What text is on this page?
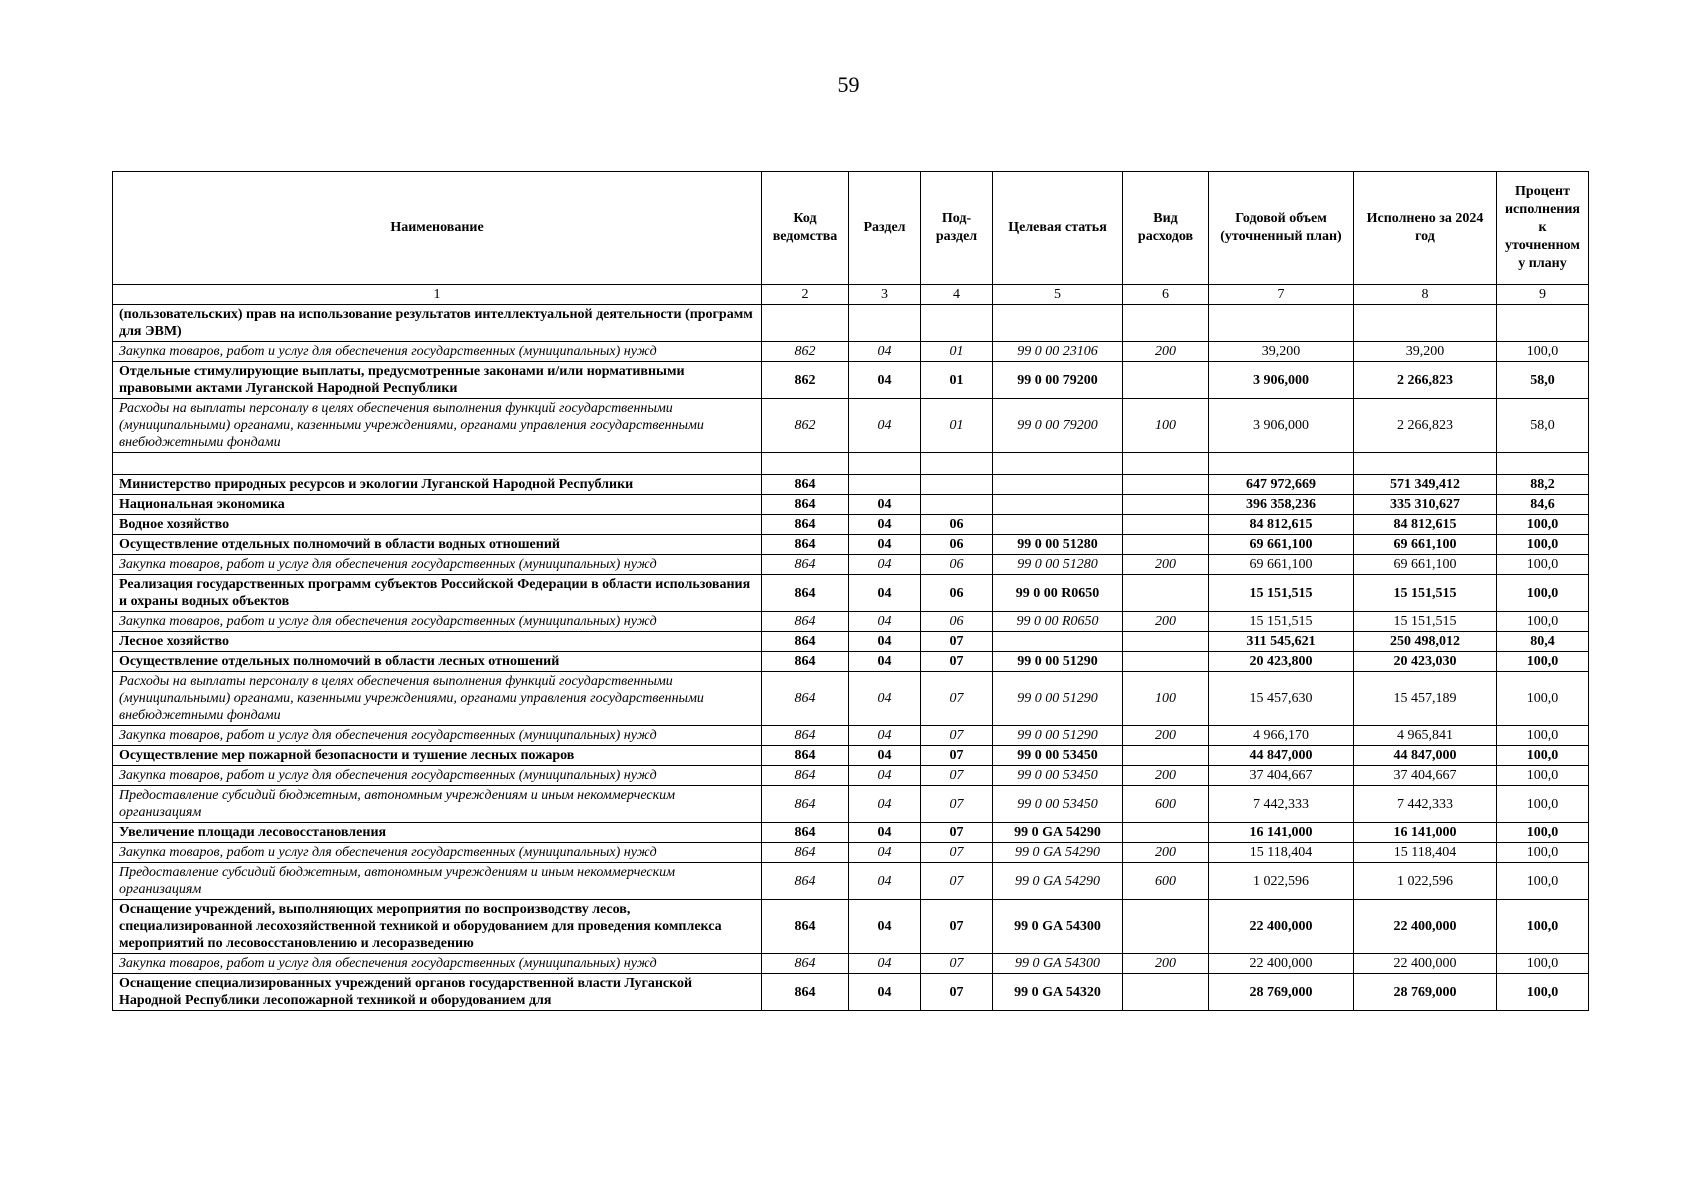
59
Наименование	Код ведомства	Раздел	Под-раздел	Целевая статья	Вид расходов	Годовой объем (уточненный план)	Исполнено за 2024 год	Процент исполнения к уточненном у плану
1	2	3	4	5	6	7	8	9
(пользовательских) прав на использование результатов интеллектуальной деятельности (программ для ЭВМ)								
Закупка товаров, работ и услуг для обеспечения государственных (муниципальных) нужд	862	04	01	99 0 00 23106	200	39,200	39,200	100,0
Отдельные стимулирующие выплаты, предусмотренные законами и/или нормативными правовыми актами Луганской Народной Республики	862	04	01	99 0 00 79200		3 906,000	2 266,823	58,0
Расходы на выплаты персоналу в целях обеспечения выполнения функций государственными (муниципальными) органами, казенными учреждениями, органами управления государственными внебюджетными фондами	862	04	01	99 0 00 79200	100	3 906,000	2 266,823	58,0

Министерство природных ресурсов и экологии Луганской Народной Республики	864					647 972,669	571 349,412	88,2
Национальная экономика	864	04				396 358,236	335 310,627	84,6
Водное хозяйство	864	04	06			84 812,615	84 812,615	100,0
Осуществление отдельных полномочий в области водных отношений	864	04	06	99 0 00 51280		69 661,100	69 661,100	100,0
Закупка товаров, работ и услуг для обеспечения государственных (муниципальных) нужд	864	04	06	99 0 00 51280	200	69 661,100	69 661,100	100,0
Реализация государственных программ субъектов Российской Федерации в области использования и охраны водных объектов	864	04	06	99 0 00 R0650		15 151,515	15 151,515	100,0
Закупка товаров, работ и услуг для обеспечения государственных (муниципальных) нужд	864	04	06	99 0 00 R0650	200	15 151,515	15 151,515	100,0
Лесное хозяйство	864	04	07			311 545,621	250 498,012	80,4
Осуществление отдельных полномочий в области лесных отношений	864	04	07	99 0 00 51290		20 423,800	20 423,030	100,0
Расходы на выплаты персоналу в целях обеспечения выполнения функций государственными (муниципальными) органами, казенными учреждениями, органами управления государственными внебюджетными фондами	864	04	07	99 0 00 51290	100	15 457,630	15 457,189	100,0
Закупка товаров, работ и услуг для обеспечения государственных (муниципальных) нужд	864	04	07	99 0 00 51290	200	4 966,170	4 965,841	100,0
Осуществление мер пожарной безопасности и тушение лесных пожаров	864	04	07	99 0 00 53450		44 847,000	44 847,000	100,0
Закупка товаров, работ и услуг для обеспечения государственных (муниципальных) нужд	864	04	07	99 0 00 53450	200	37 404,667	37 404,667	100,0
Предоставление субсидий бюджетным, автономным учреждениям и иным некоммерческим организациям	864	04	07	99 0 00 53450	600	7 442,333	7 442,333	100,0
Увеличение площади лесовосстановления	864	04	07	99 0 GA 54290		16 141,000	16 141,000	100,0
Закупка товаров, работ и услуг для обеспечения государственных (муниципальных) нужд	864	04	07	99 0 GA 54290	200	15 118,404	15 118,404	100,0
Предоставление субсидий бюджетным, автономным учреждениям и иным некоммерческим организациям	864	04	07	99 0 GA 54290	600	1 022,596	1 022,596	100,0
Оснащение учреждений, выполняющих мероприятия по воспроизводству лесов, специализированной лесохозяйственной техникой и оборудованием для проведения комплекса мероприятий по лесовосстановлению и лесоразведению	864	04	07	99 0 GA 54300		22 400,000	22 400,000	100,0
Закупка товаров, работ и услуг для обеспечения государственных (муниципальных) нужд	864	04	07	99 0 GA 54300	200	22 400,000	22 400,000	100,0
Оснащение специализированных учреждений органов государственной власти Луганской Народной Республики лесопожарной техникой и оборудованием для	864	04	07	99 0 GA 54320		28 769,000	28 769,000	100,0
